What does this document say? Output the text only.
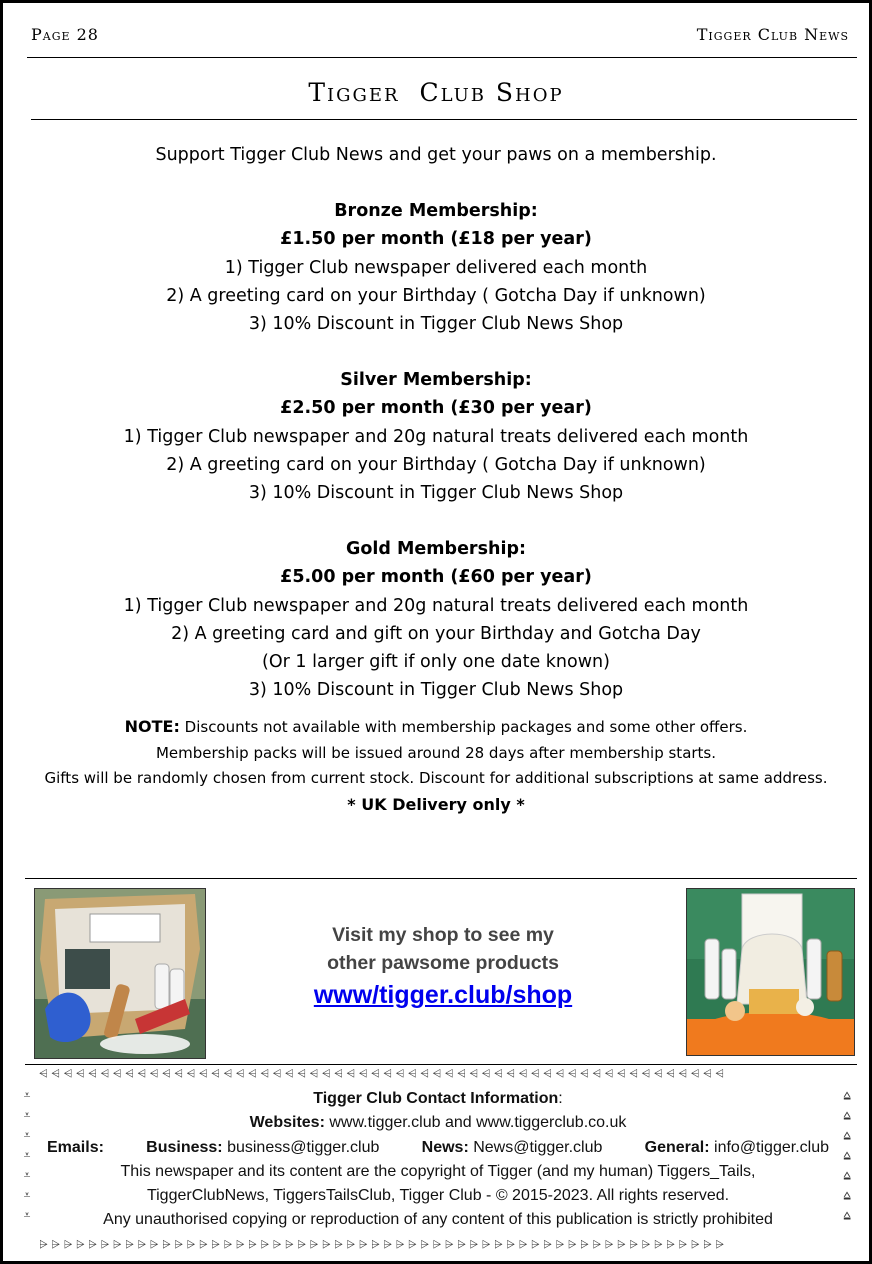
Page 28	Tigger Club News
Tigger  Club Shop
Support Tigger Club News and get your paws on a membership.
Bronze Membership:
£1.50 per month (£18 per year)
1) Tigger Club newspaper delivered each month
2) A greeting card on your Birthday ( Gotcha Day if unknown)
3) 10% Discount in Tigger Club News Shop
Silver Membership:
£2.50 per month (£30 per year)
1) Tigger Club newspaper and 20g natural treats delivered each month
2) A greeting card on your Birthday ( Gotcha Day if unknown)
3) 10% Discount in Tigger Club News Shop
Gold Membership:
£5.00 per month (£60 per year)
1) Tigger Club newspaper and 20g natural treats delivered each month
2) A greeting card and gift on your Birthday and Gotcha Day
(Or 1 larger gift if only one date known)
3) 10% Discount in Tigger Club News Shop
NOTE: Discounts not available with membership packages and some other offers.
Membership packs will be issued around 28 days after membership starts.
Gifts will be randomly chosen from current stock. Discount for additional subscriptions at same address.
* UK Delivery only *
Visit my shop to see my
other pawsome products
www/tigger.club/shop
⩤ ⩤ ⩤ ⩤ ⩤ ⩤ ⩤ ⩤ ⩤ ⩤ ⩤ ⩤ ⩤ ⩤ ⩤ ⩤ ⩤ ⩤ ⩤ ⩤ ⩤ ⩤ ⩤ ⩤ ⩤ ⩤ ⩤ ⩤ ⩤ ⩤ ⩤ ⩤ ⩤ ⩤ ⩤ ⩤ ⩤ ⩤ ⩤ ⩤ ⩤ ⩤ ⩤ ⩤ ⩤ ⩤ ⩤ ⩤ ⩤ ⩤ ⩤ ⩤ ⩤ ⩤ ⩤ ⩤
⩥ ⩥ ⩥ ⩥ ⩥ ⩥ ⩥ ⩥ ⩥ ⩥ ⩥ ⩥ ⩥ ⩥ ⩥ ⩥ ⩥ ⩥ ⩥ ⩥ ⩥ ⩥ ⩥ ⩥ ⩥ ⩥ ⩥ ⩥ ⩥ ⩥ ⩥ ⩥ ⩥ ⩥ ⩥ ⩥ ⩥ ⩥ ⩥ ⩥ ⩥ ⩥ ⩥ ⩥ ⩥ ⩥ ⩥ ⩥ ⩥ ⩥ ⩥ ⩥ ⩥ ⩥ ⩥ ⩥
⩡
⩡
⩡
⩡
⩡
⩡
⩡
⩠
⩠
⩠
⩠
⩠
⩠
⩠
Tigger Club Contact Information:
Websites: www.tigger.club and www.tiggerclub.co.uk
Emails:	Business: business@tigger.club	News: News@tigger.club	General: info@tigger.club
This newspaper and its content are the copyright of Tigger (and my human) Tiggers_Tails,
TiggerClubNews, TiggersTailsClub, Tigger Club - © 2015-2023. All rights reserved.
Any unauthorised copying or reproduction of any content of this publication is strictly prohibited
